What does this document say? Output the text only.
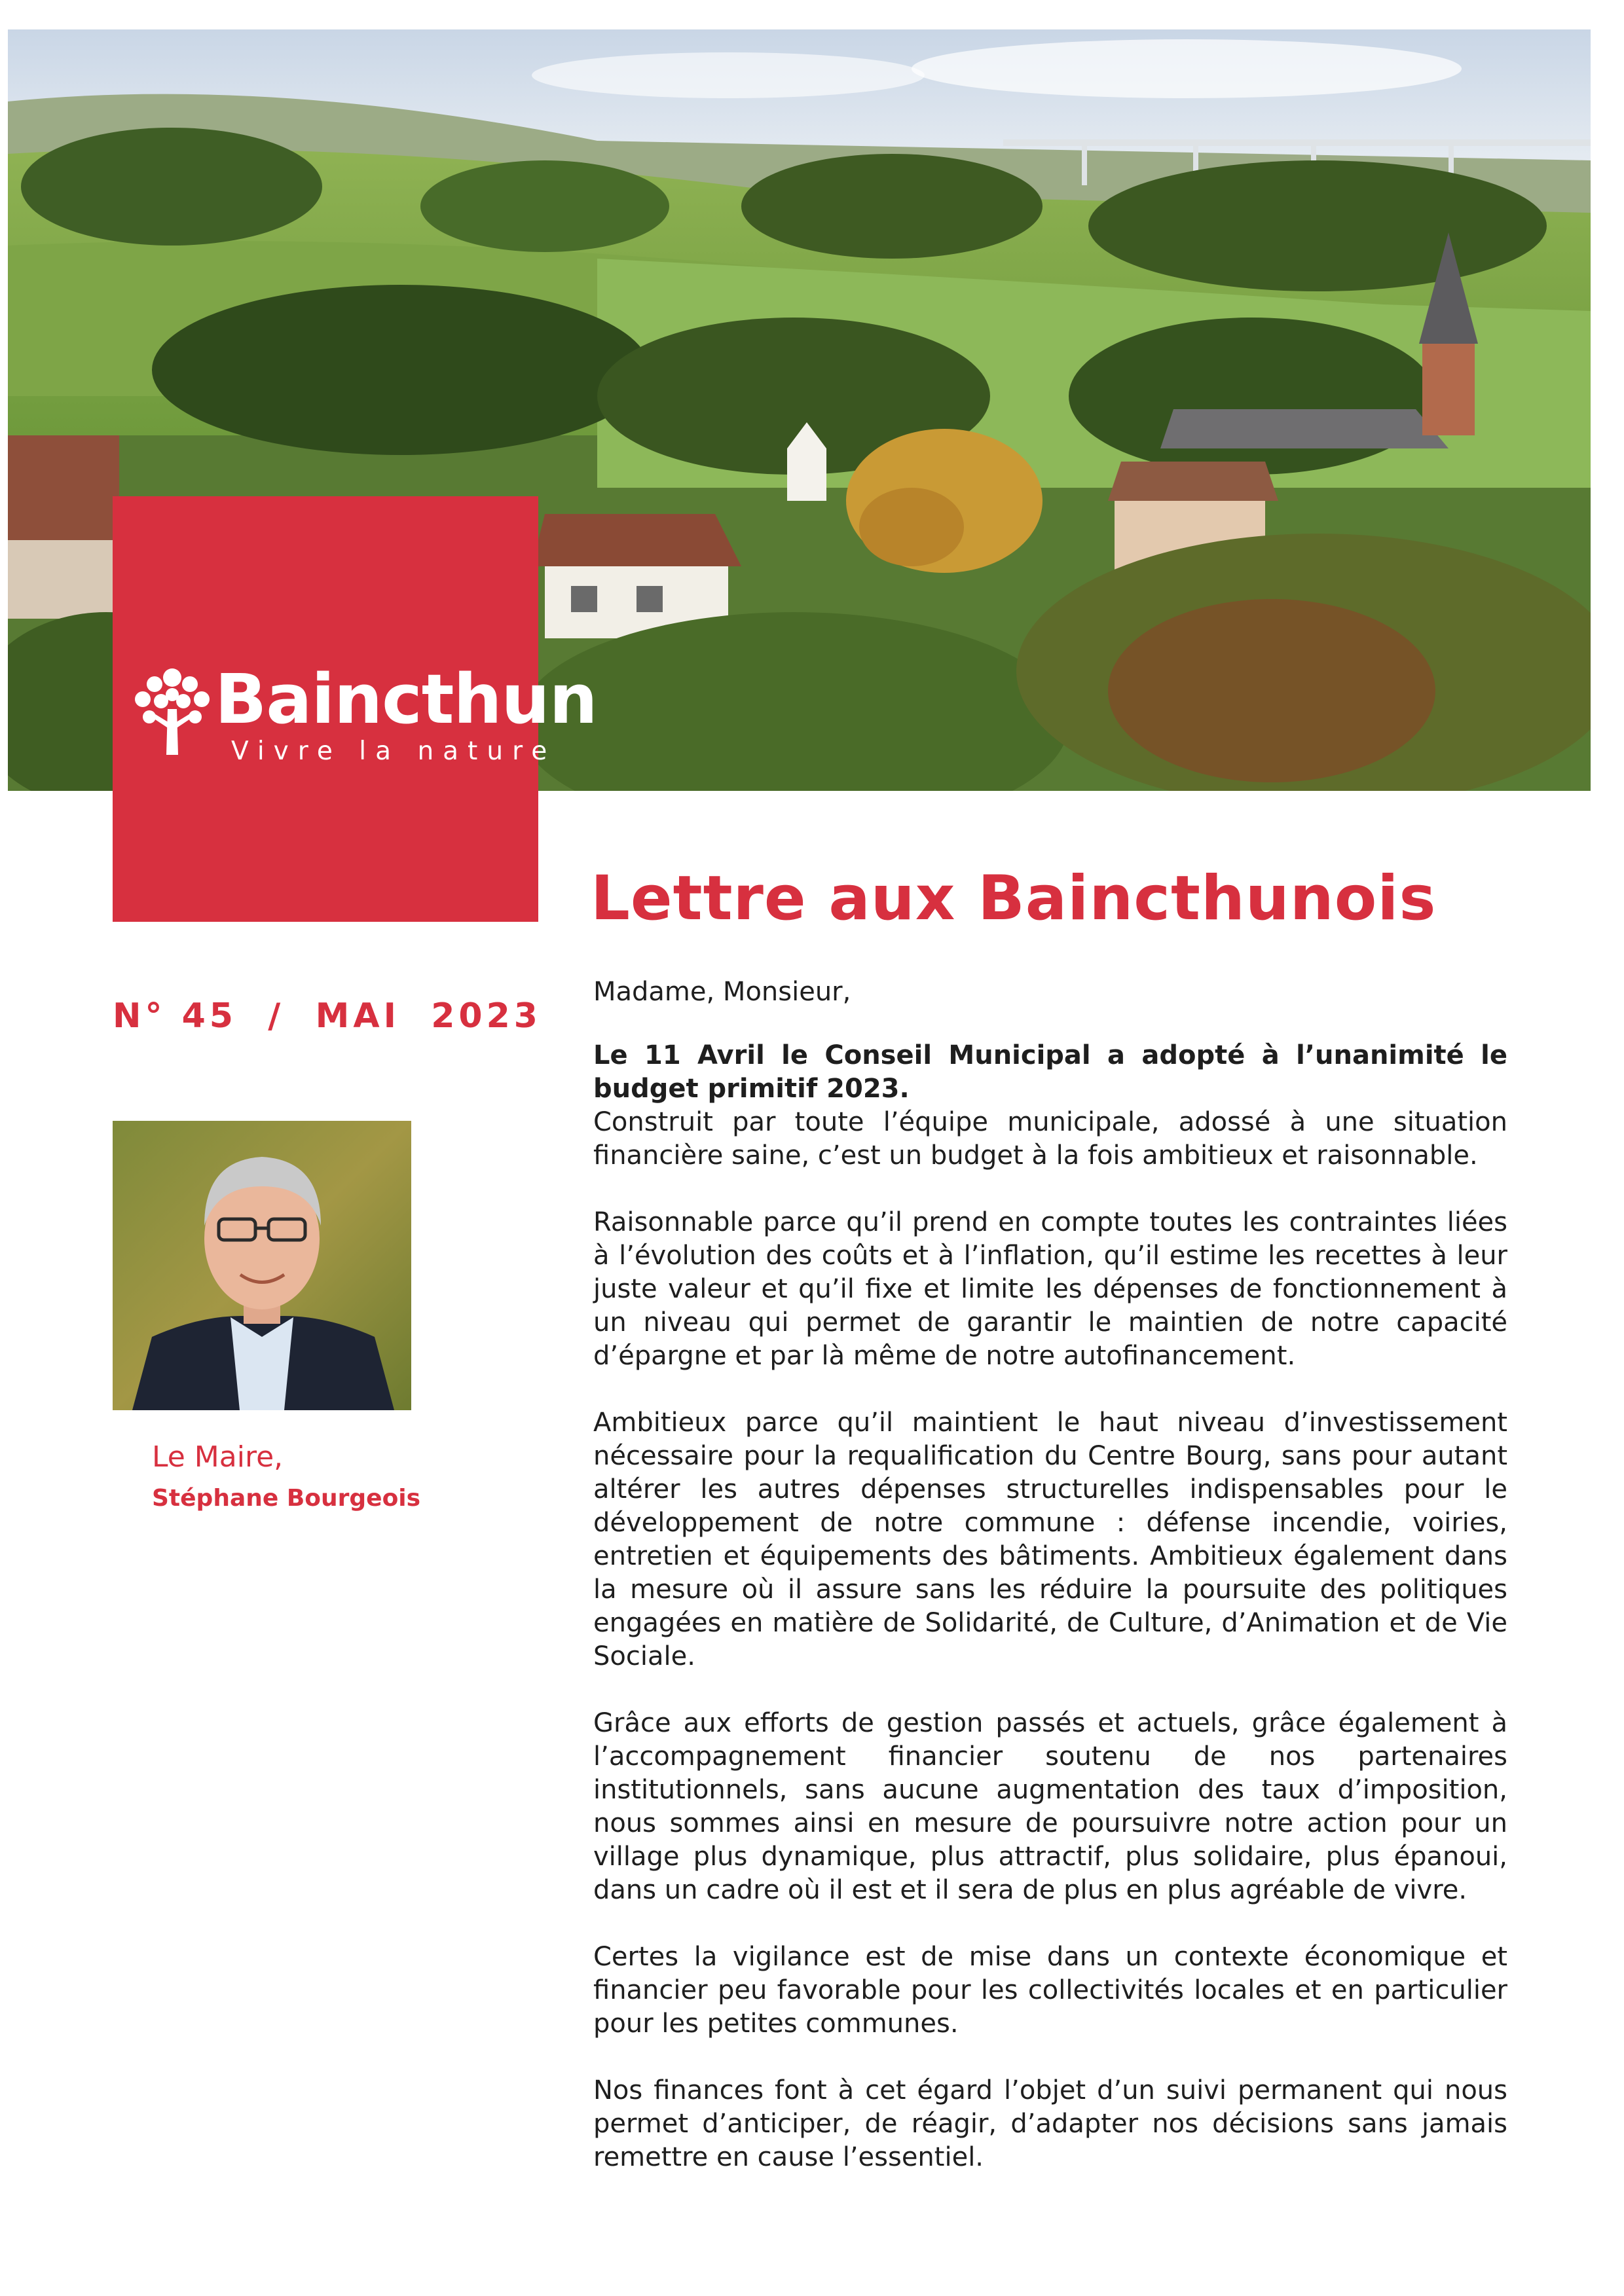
Baincthun
Vivre la nature
Lettre aux Baincthunois
N° 45 / MAI 2023
Le Maire,
Stéphane Bourgeois

Madame, Monsieur,

Le 11 Avril le Conseil Municipal a adopté à l’unanimité le budget primitif 2023.
Construit par toute l’équipe municipale, adossé à une situation financière saine, c’est un budget à la fois ambitieux et raisonnable.

Raisonnable parce qu’il prend en compte toutes les contraintes liées à l’évolution des coûts et à l’inflation, qu’il estime les recettes à leur juste valeur et qu’il fixe et limite les dépenses de fonctionnement à un niveau qui permet de garantir le maintien de notre capacité d’épargne et par là même de notre autofinancement.

Ambitieux parce qu’il maintient le haut niveau d’investissement nécessaire pour la requalification du Centre Bourg, sans pour autant altérer les autres dépenses structurelles indispensables pour le développement de notre commune : défense incendie, voiries, entretien et équipements des bâtiments. Ambitieux également dans la mesure où il assure sans les réduire la poursuite des politiques engagées en matière de Solidarité, de Culture, d’Animation et de Vie Sociale.

Grâce aux efforts de gestion passés et actuels, grâce également à l’accompagnement financier soutenu de nos partenaires institutionnels, sans aucune augmentation des taux d’imposition, nous sommes ainsi en mesure de poursuivre notre action pour un village plus dynamique, plus attractif, plus solidaire, plus épanoui, dans un cadre où il est et il sera de plus en plus agréable de vivre.

Certes la vigilance est de mise dans un contexte économique et financier peu favorable pour les collectivités locales et en particulier pour les petites communes.

Nos finances font à cet égard l’objet d’un suivi permanent qui nous permet d’anticiper, de réagir, d’adapter nos décisions sans jamais remettre en cause l’essentiel.
